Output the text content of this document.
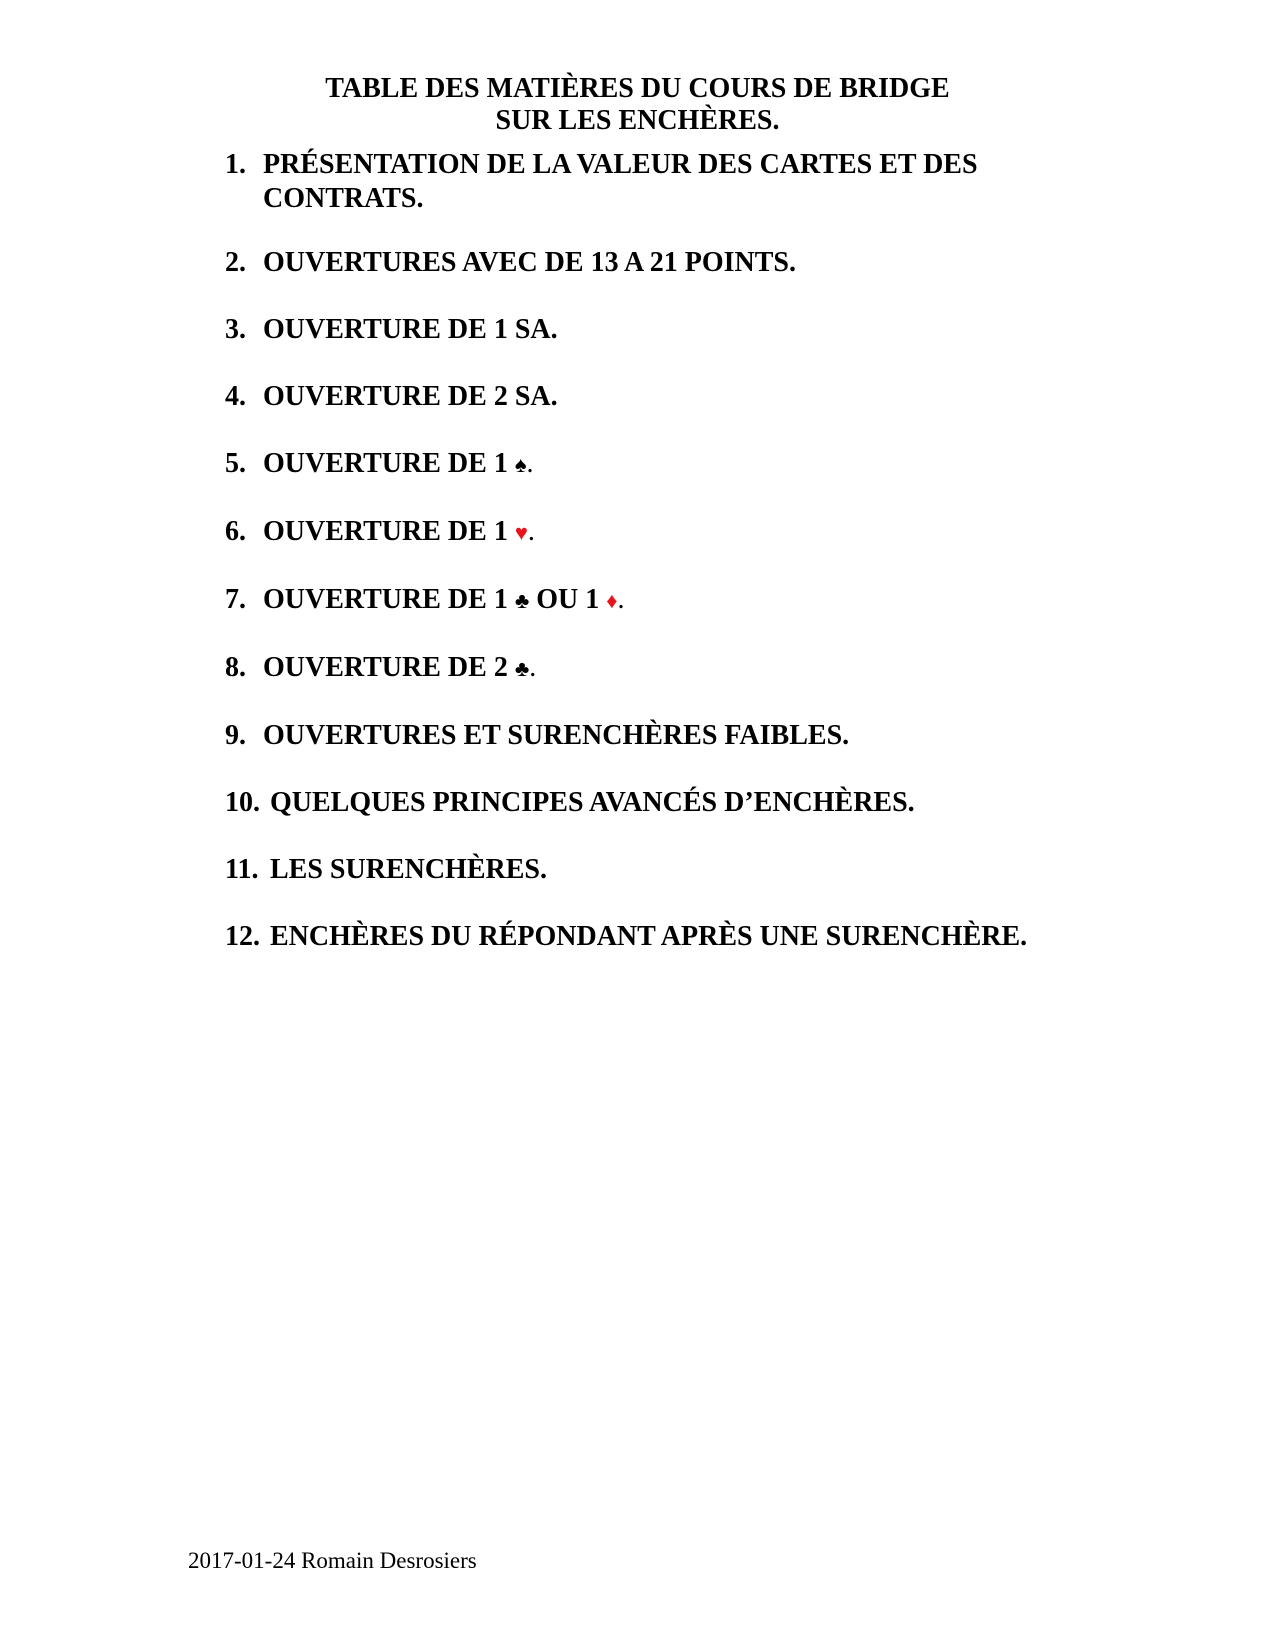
TABLE DES MATIÈRES DU COURS DE BRIDGE
SUR LES ENCHÈRES.
1. PRÉSENTATION DE LA VALEUR DES CARTES ET DES CONTRATS.
2. OUVERTURES AVEC DE 13 A 21 POINTS.
3. OUVERTURE DE 1 SA.
4. OUVERTURE DE 2 SA.
5. OUVERTURE DE 1 ♠.
6. OUVERTURE DE 1 ♥.
7. OUVERTURE DE 1 ♣ OU 1 ♦.
8. OUVERTURE DE 2 ♣.
9. OUVERTURES ET SURENCHÈRES FAIBLES.
10. QUELQUES PRINCIPES AVANCÉS D’ENCHÈRES.
11. LES SURENCHÈRES.
12. ENCHÈRES DU RÉPONDANT APRÈS UNE SURENCHÈRE.
2017-01-24 Romain Desrosiers
